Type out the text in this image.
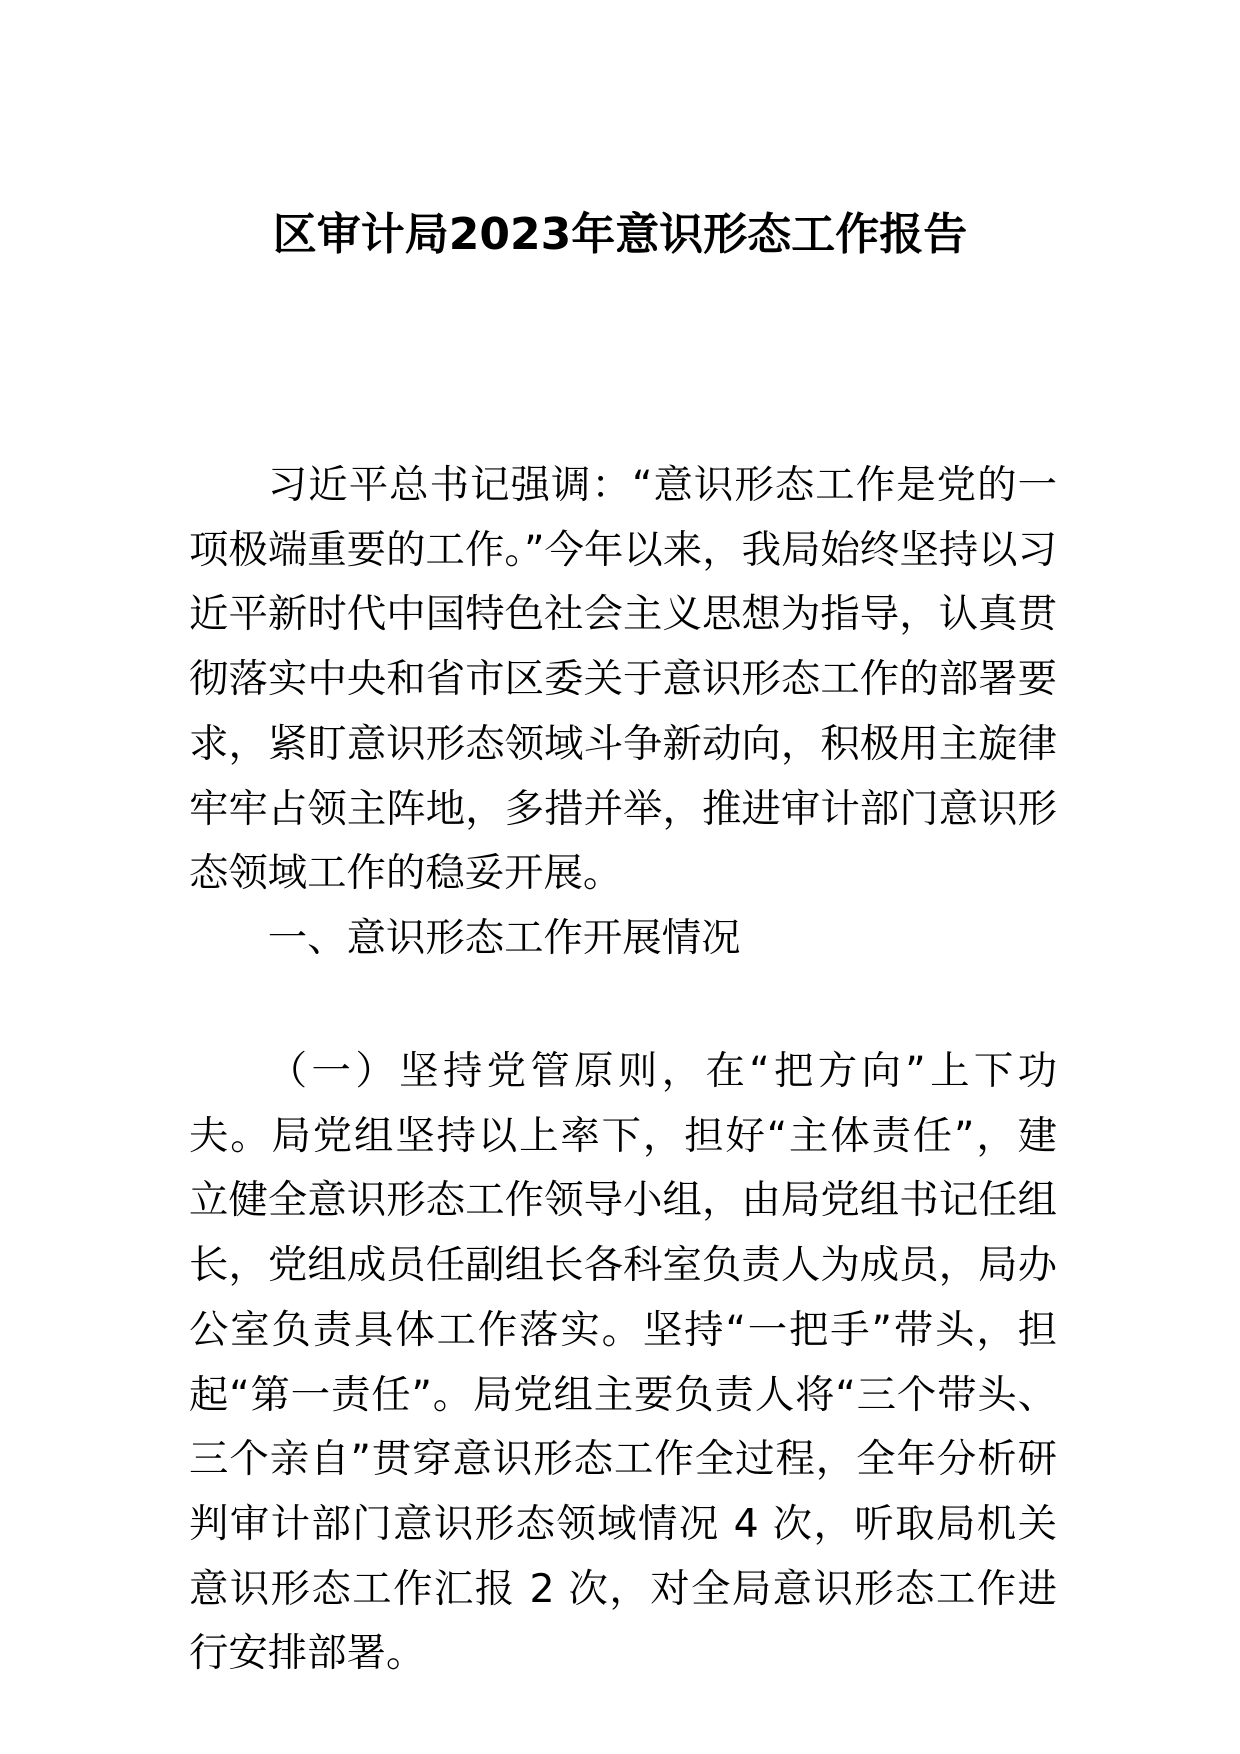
区审计局2023年意识形态工作报告

习近平总书记强调：“意识形态工作是党的一项极端重要的工作。”今年以来，我局始终坚持以习近平新时代中国特色社会主义思想为指导，认真贯彻落实中央和省市区委关于意识形态工作的部署要求，紧盯意识形态领域斗争新动向，积极用主旋律牢牢占领主阵地，多措并举，推进审计部门意识形态领域工作的稳妥开展。

一、意识形态工作开展情况

（一）坚持党管原则，在“把方向”上下功夫。局党组坚持以上率下，担好“主体责任”，建立健全意识形态工作领导小组，由局党组书记任组长，党组成员任副组长各科室负责人为成员，局办公室负责具体工作落实。坚持“一把手”带头，担起“第一责任”。局党组主要负责人将“三个带头、三个亲自”贯穿意识形态工作全过程，全年分析研判审计部门意识形态领域情况 4 次，听取局机关意识形态工作汇报 2 次，对全局意识形态工作进行安排部署。
